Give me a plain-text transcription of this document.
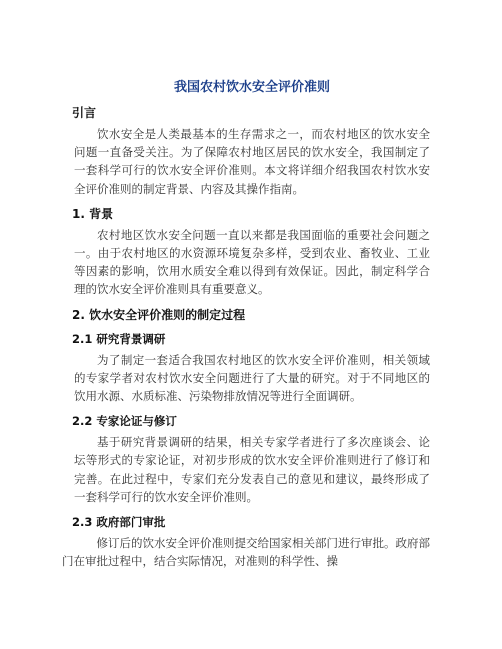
我国农村饮水安全评价准则
引言

饮水安全是人类最基本的生存需求之一，而农村地区的饮水安全问题一直备受关注。为了保障农村地区居民的饮水安全，我国制定了一套科学可行的饮水安全评价准则。本文将详细介绍我国农村饮水安全评价准则的制定背景、内容及其操作指南。

1. 背景

农村地区饮水安全问题一直以来都是我国面临的重要社会问题之一。由于农村地区的水资源环境复杂多样，受到农业、畜牧业、工业等因素的影响，饮用水质安全难以得到有效保证。因此，制定科学合理的饮水安全评价准则具有重要意义。

2. 饮水安全评价准则的制定过程
2.1 研究背景调研

为了制定一套适合我国农村地区的饮水安全评价准则，相关领域的专家学者对农村饮水安全问题进行了大量的研究。对于不同地区的饮用水源、水质标准、污染物排放情况等进行全面调研。

2.2 专家论证与修订

基于研究背景调研的结果，相关专家学者进行了多次座谈会、论坛等形式的专家论证，对初步形成的饮水安全评价准则进行了修订和完善。在此过程中，专家们充分发表自己的意见和建议，最终形成了一套科学可行的饮水安全评价准则。

2.3 政府部门审批

修订后的饮水安全评价准则提交给国家相关部门进行审批。政府部门在审批过程中，结合实际情况，对准则的科学性、操
